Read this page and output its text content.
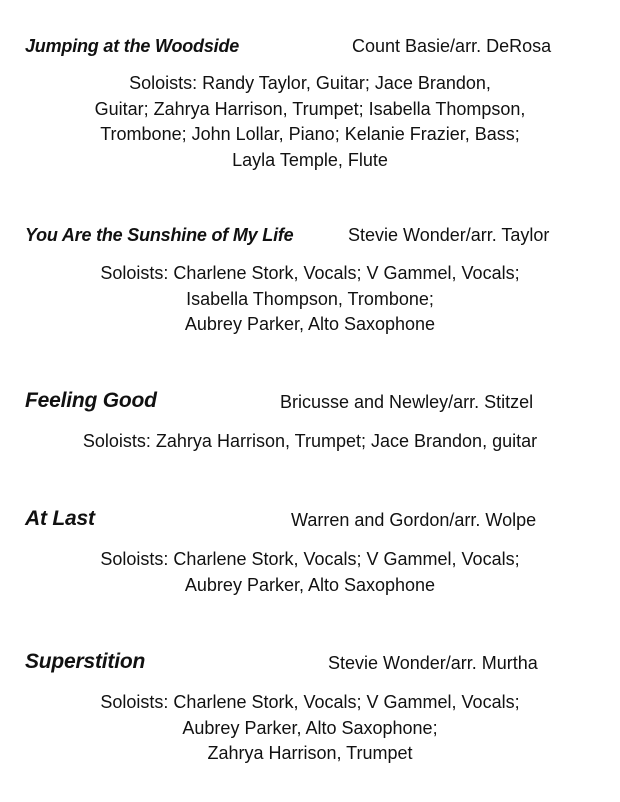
Jumping at the Woodside	Count Basie/arr. DeRosa
Soloists: Randy Taylor, Guitar; Jace Brandon,
Guitar; Zahrya Harrison, Trumpet; Isabella Thompson,
Trombone; John Lollar, Piano; Kelanie Frazier, Bass;
Layla Temple, Flute
You Are the Sunshine of My Life	Stevie Wonder/arr. Taylor
Soloists: Charlene Stork, Vocals; V Gammel, Vocals;
Isabella Thompson, Trombone;
Aubrey Parker, Alto Saxophone
Feeling Good	Bricusse and Newley/arr. Stitzel
Soloists: Zahrya Harrison, Trumpet; Jace Brandon, guitar
At Last	Warren and Gordon/arr. Wolpe
Soloists: Charlene Stork, Vocals; V Gammel, Vocals;
Aubrey Parker, Alto Saxophone
Superstition	Stevie Wonder/arr. Murtha
Soloists: Charlene Stork, Vocals; V Gammel, Vocals;
Aubrey Parker, Alto Saxophone;
Zahrya Harrison, Trumpet
